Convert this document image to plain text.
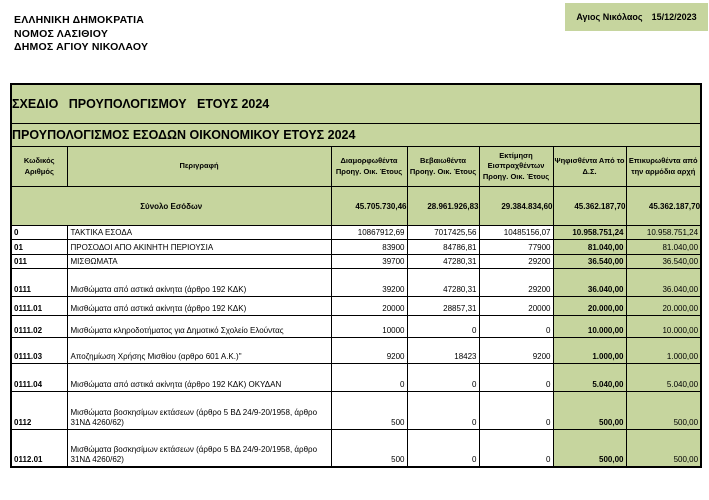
ΕΛΛΗΝΙΚΗ ΔΗΜΟΚΡΑΤΙΑ
ΝΟΜΟΣ ΛΑΣΙΘΙΟΥ
ΔΗΜΟΣ ΑΓΙΟΥ ΝΙΚΟΛΑΟΥ
Αγιος Νικόλαος 15/12/2023
ΣΧΕΔΙΟ   ΠΡΟΥΠΟΛΟΓΙΣΜΟΥ   ΕΤΟΥΣ 2024						
ΠΡΟΥΠΟΛΟΓΙΣΜΟΣ ΕΣΟΔΩΝ ΟΙΚΟΝΟΜΙΚΟΥ ΕΤΟΥΣ 2024						
Κωδικός Αριθμός	Περιγραφή	Διαμορφωθέντα Προηγ. Οικ. Έτους	Βεβαιωθέντα Προηγ. Οικ. Έτους	Εκτίμηση Εισπραχθέντων Προηγ. Οικ. Έτους	Ψηφισθέντα Από το Δ.Σ.	Επικυρωθέντα από την αρμόδια αρχή
Σύνολο Εσόδων		45.705.730,46	28.961.926,83	29.384.834,60	45.362.187,70	45.362.187,70
0	ΤΑΚΤΙΚΑ ΕΣΟΔΑ	10867912,69	7017425,56	10485156,07	10.958.751,24	10.958.751,24
01	ΠΡΟΣΟΔΟΙ ΑΠΟ ΑΚΙΝΗΤΗ ΠΕΡΙΟΥΣΙΑ	83900	84786,81	77900	81.040,00	81.040,00
011	ΜΙΣΘΩΜΑΤΑ	39700	47280,31	29200	36.540,00	36.540,00
0111	Μισθώματα από αστικά ακίνητα (άρθρο 192 ΚΔΚ)	39200	47280,31	29200	36.040,00	36.040,00
0111.01	Μισθώματα από αστικά ακίνητα (άρθρο 192 ΚΔΚ)	20000	28857,31	20000	20.000,00	20.000,00
0111.02	Μισθώματα κληροδοτήματος για Δημοτικό Σχολείο Ελούντας	10000	0	0	10.000,00	10.000,00
0111.03	Αποζημίωση Χρήσης Μισθίου (αρθρο 601 Α.Κ.)''	9200	18423	9200	1.000,00	1.000,00
0111.04	Μισθώματα από αστικά ακίνητα (άρθρο 192 ΚΔΚ) ΟΚΥΔΑΝ	0	0	0	5.040,00	5.040,00
0112	Μισθώματα βοσκησίμων εκτάσεων (άρθρο 5 ΒΔ 24/9-20/1958, άρθρο 31ΝΔ 4260/62)	500	0	0	500,00	500,00
0112.01	Μισθώματα βοσκησίμων εκτάσεων (άρθρο 5 ΒΔ 24/9-20/1958, άρθρο 31ΝΔ 4260/62)	500	0	0	500,00	500,00
